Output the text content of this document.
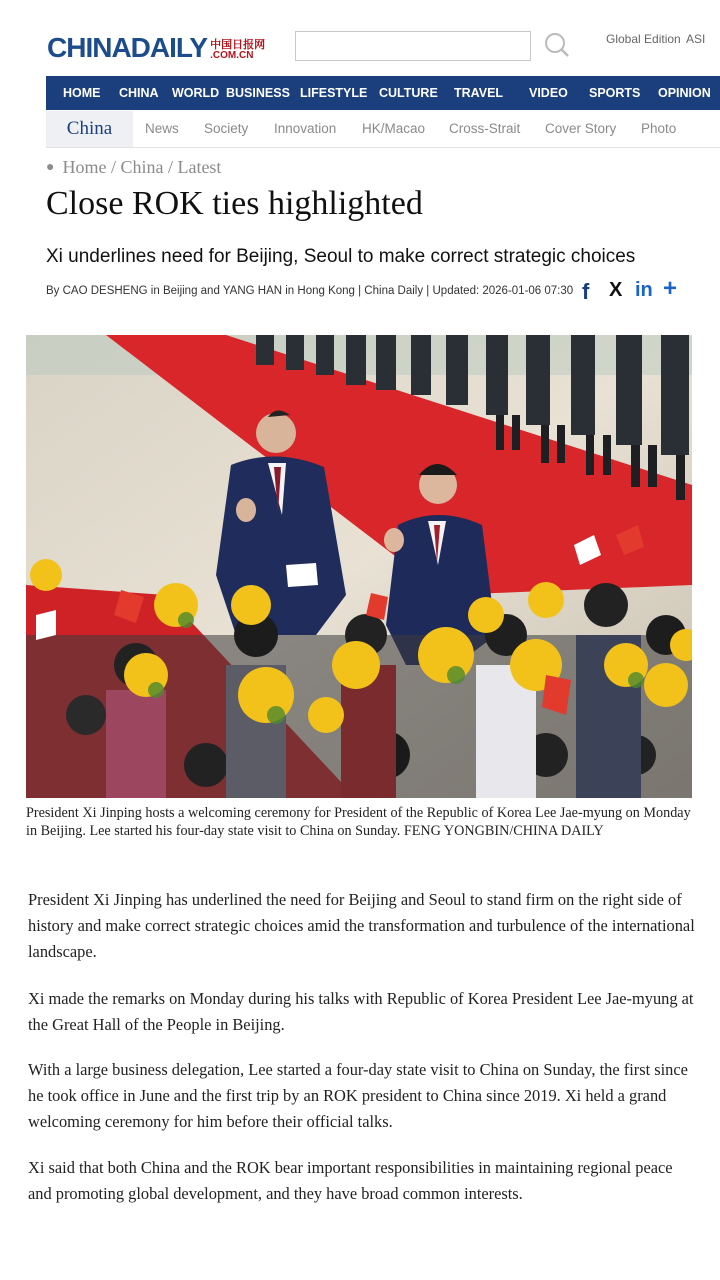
CHINA DAILY 中国日报网
.COM.CN
Global Edition ASI
HOME CHINA WORLD BUSINESS LIFESTYLE CULTURE TRAVEL VIDEO SPORTS OPINION
China	News Society Innovation HK/Macao Cross-Strait Cover Story Photo
● Home / China / Latest
Close ROK ties highlighted
Xi underlines need for Beijing, Seoul to make correct strategic choices
By CAO DESHENG in Beijing and YANG HAN in Hong Kong | China Daily | Updated: 2026-01-06 07:30 f X in +
President Xi Jinping hosts a welcoming ceremony for President of the Republic of Korea Lee Jae-myung on Monday in Beijing. Lee started his four-day state visit to China on Sunday. FENG YONGBIN/CHINA DAILY

President Xi Jinping has underlined the need for Beijing and Seoul to stand firm on the right side of history and make correct strategic choices amid the transformation and turbulence of the international landscape.

Xi made the remarks on Monday during his talks with Republic of Korea President Lee Jae-myung at the Great Hall of the People in Beijing.

With a large business delegation, Lee started a four-day state visit to China on Sunday, the first since he took office in June and the first trip by an ROK president to China since 2019. Xi held a grand welcoming ceremony for him before their official talks.

Xi said that both China and the ROK bear important responsibilities in maintaining regional peace and promoting global development, and they have broad common interests.
